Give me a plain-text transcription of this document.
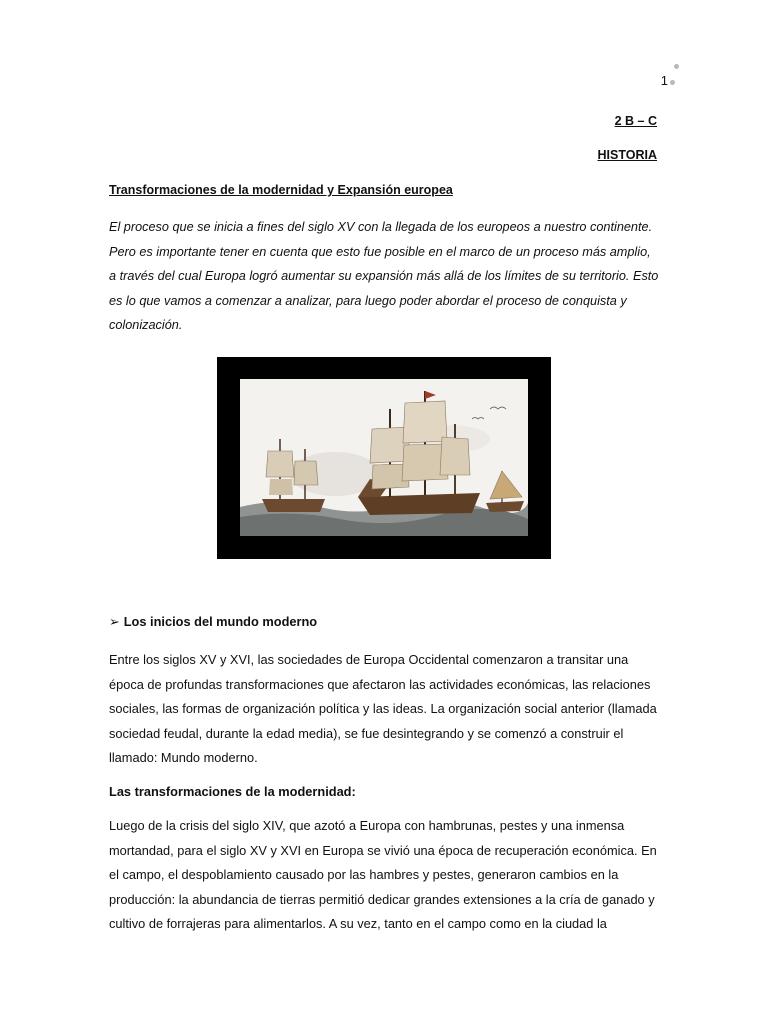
1
2 B – C
HISTORIA

Transformaciones de la modernidad y Expansión europea

El proceso que se inicia a fines del siglo XV con la llegada de los europeos a nuestro continente. Pero es importante tener en cuenta que esto fue posible en el marco de un proceso más amplio, a través del cual Europa logró aumentar su expansión más allá de los límites de su territorio. Esto es lo que vamos a comenzar a analizar, para luego poder abordar el proceso de conquista y colonización.

➢ Los inicios del mundo moderno

Entre los siglos XV y XVI, las sociedades de Europa Occidental comenzaron a transitar una época de profundas transformaciones que afectaron las actividades económicas, las relaciones sociales, las formas de organización política y las ideas. La organización social anterior (llamada sociedad feudal, durante la edad media), se fue desintegrando y se comenzó a construir el llamado: Mundo moderno.

Las transformaciones de la modernidad:

Luego de la crisis del siglo XIV, que azotó a Europa con hambrunas, pestes y una inmensa mortandad, para el siglo XV y XVI en Europa se vivió una época de recuperación económica. En el campo, el despoblamiento causado por las hambres y pestes, generaron cambios en la producción: la abundancia de tierras permitió dedicar grandes extensiones a la cría de ganado y cultivo de forrajeras para alimentarlos. A su vez, tanto en el campo como en la ciudad la
